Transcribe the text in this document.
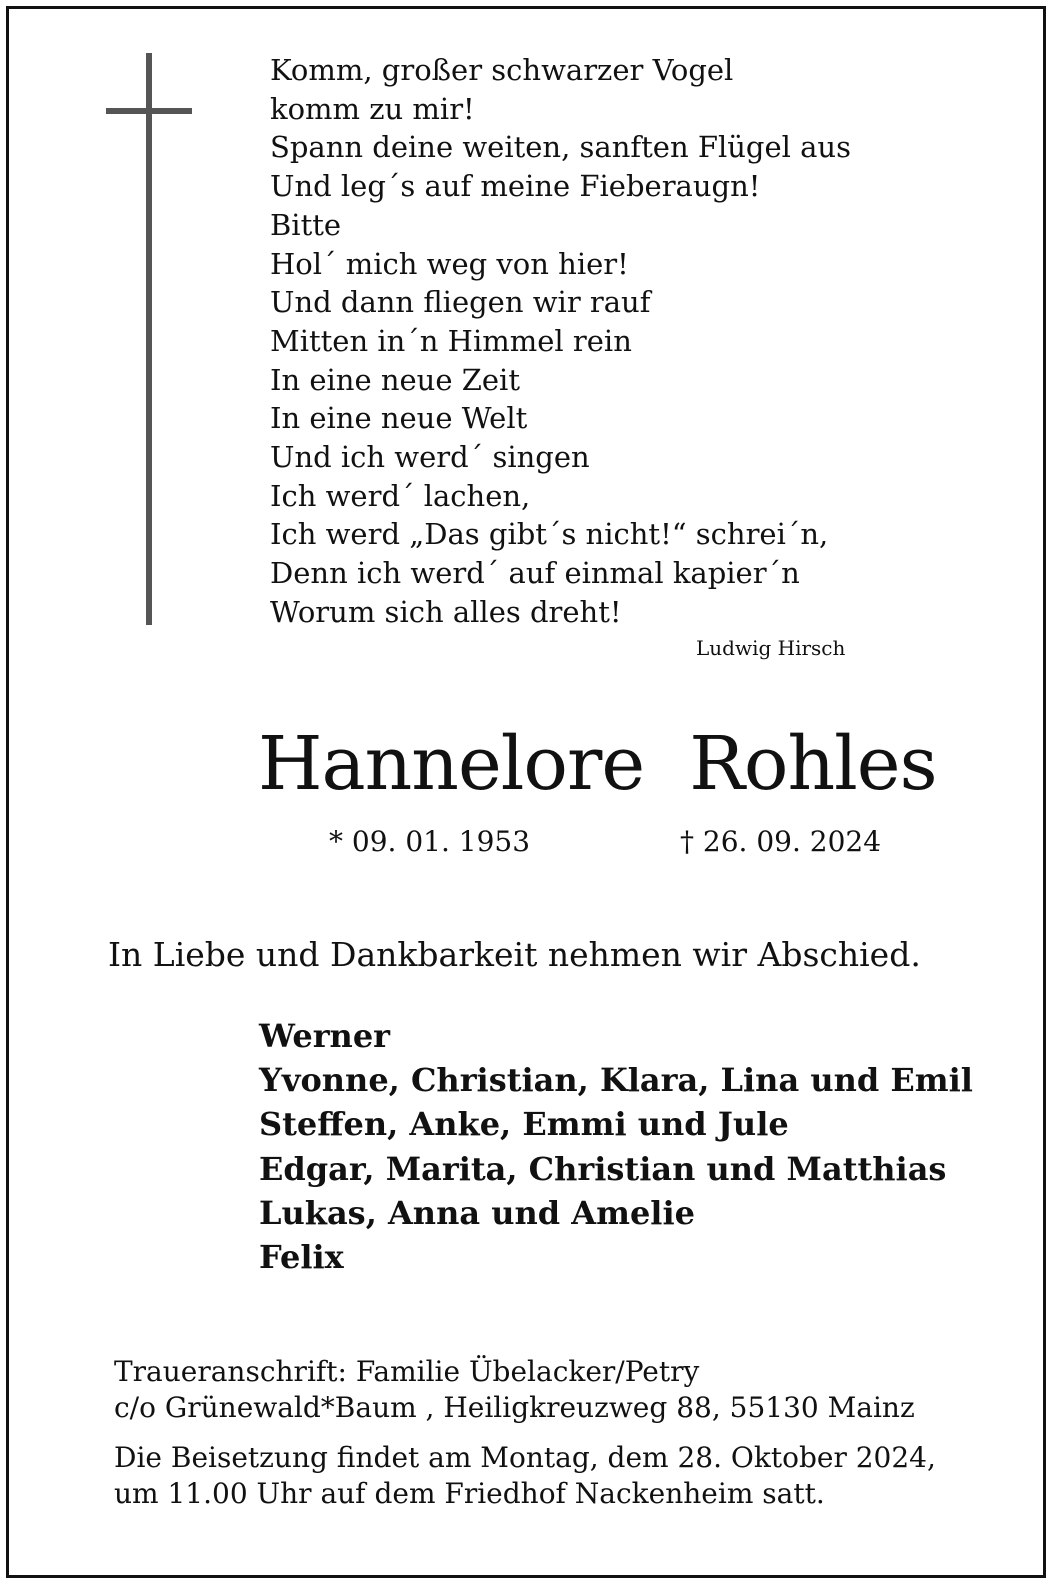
Komm, großer schwarzer Vogel
komm zu mir!
Spann deine weiten, sanften Flügel aus
Und leg´s auf meine Fieberaugn!
Bitte
Hol´ mich weg von hier!
Und dann fliegen wir rauf
Mitten in´n Himmel rein
In eine neue Zeit
In eine neue Welt
Und ich werd´ singen
Ich werd´ lachen,
Ich werd „Das gibt´s nicht!“ schrei´n,
Denn ich werd´ auf einmal kapier´n
Worum sich alles dreht!
Ludwig Hirsch
Hannelore  Rohles
* 09. 01. 1953	† 26. 09. 2024
In Liebe und Dankbarkeit nehmen wir Abschied.
Werner
Yvonne, Christian, Klara, Lina und Emil
Steffen, Anke, Emmi und Jule
Edgar, Marita, Christian und Matthias
Lukas, Anna und Amelie
Felix
Traueranschrift: Familie Übelacker/Petry
c/o Grünewald*Baum , Heiligkreuzweg 88, 55130 Mainz
Die Beisetzung findet am Montag, dem 28. Oktober 2024,
um 11.00 Uhr auf dem Friedhof Nackenheim satt.
